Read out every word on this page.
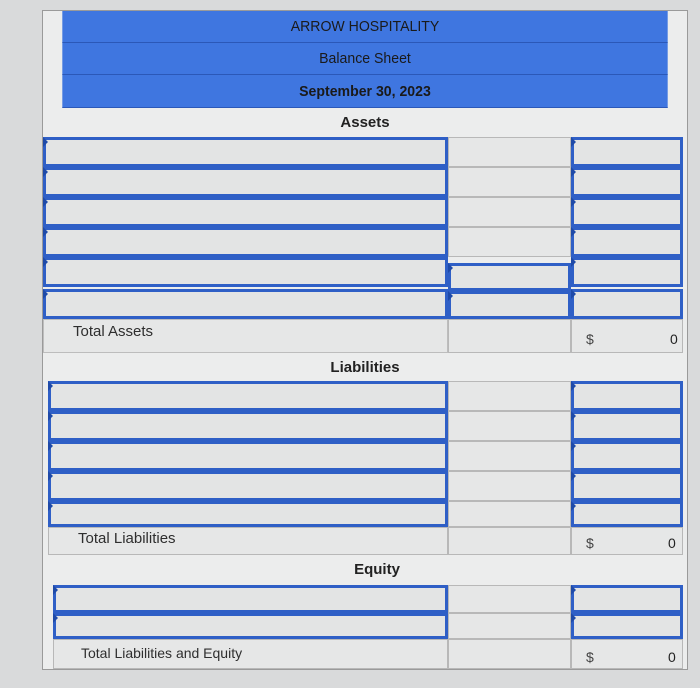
ARROW HOSPITALITY
Balance Sheet
September 30, 2023
Assets
Total Assets	$	0
Liabilities
Total Liabilities	$	0
Equity
Total Liabilities and Equity	$	0
